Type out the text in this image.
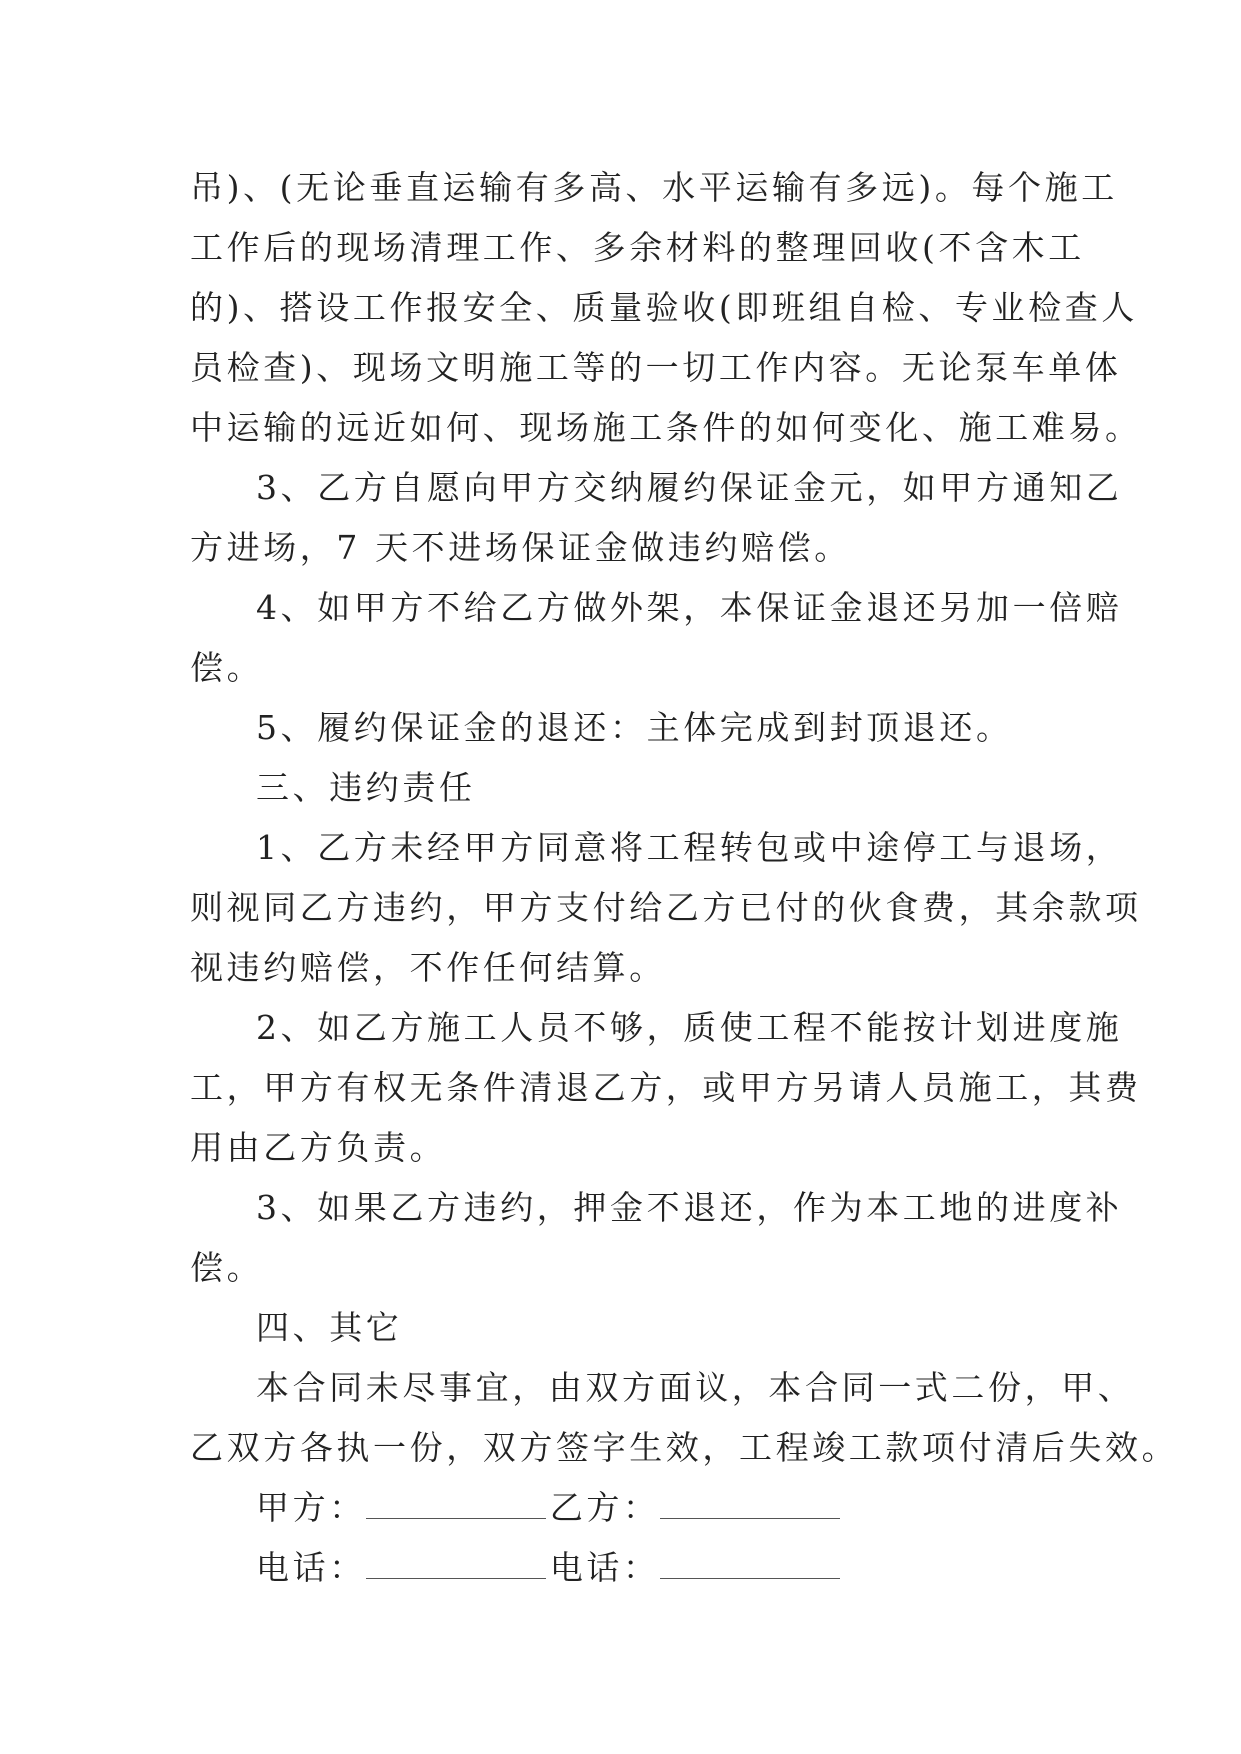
吊)、(无论垂直运输有多高、水平运输有多远)。每个施工

工作后的现场清理工作、多余材料的整理回收(不含木工

的)、搭设工作报安全、质量验收(即班组自检、专业检查人

员检查)、现场文明施工等的一切工作内容。无论泵车单体

中运输的远近如何、现场施工条件的如何变化、施工难易。

3、乙方自愿向甲方交纳履约保证金元，如甲方通知乙

方进场，7 天不进场保证金做违约赔偿。

4、如甲方不给乙方做外架，本保证金退还另加一倍赔

偿。

5、履约保证金的退还：主体完成到封顶退还。

三、违约责任

1、乙方未经甲方同意将工程转包或中途停工与退场，

则视同乙方违约，甲方支付给乙方已付的伙食费，其余款项

视违约赔偿，不作任何结算。

2、如乙方施工人员不够，质使工程不能按计划进度施

工，甲方有权无条件清退乙方，或甲方另请人员施工，其费

用由乙方负责。

3、如果乙方违约，押金不退还，作为本工地的进度补

偿。

四、其它

本合同未尽事宜，由双方面议，本合同一式二份，甲、

乙双方各执一份，双方签字生效，工程竣工款项付清后失效。

甲方：	乙方：
电话：	电话：
